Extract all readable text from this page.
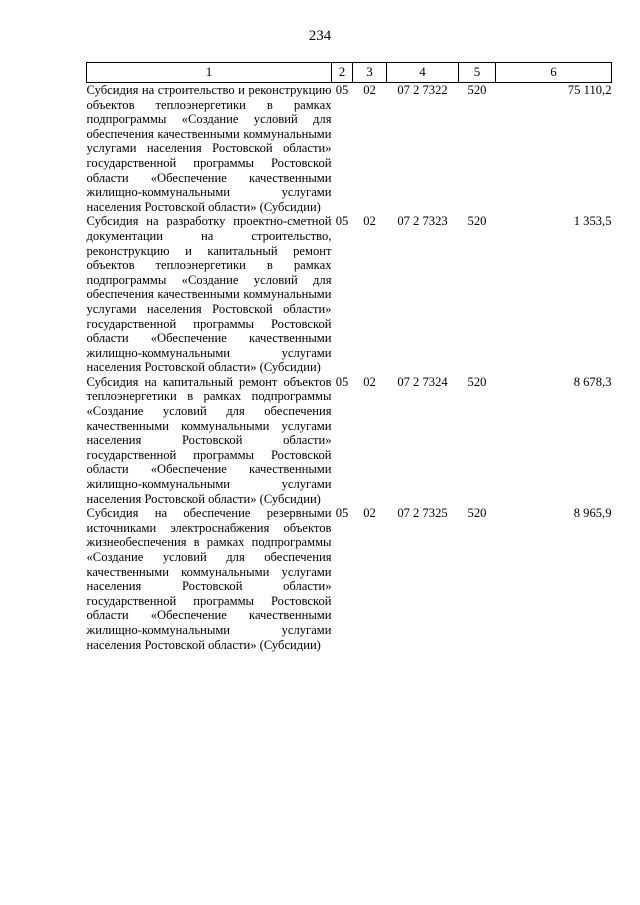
234
1	2	3	4	5	6
Субсидия на строительство и реконструкцию объектов теплоэнергетики в рамках подпрограммы «Создание условий для обеспечения качественными коммунальными услугами населения Ростовской области» государственной программы Ростовской области «Обеспечение качественными жилищно-коммунальными услугами населения Ростовской области» (Субсидии)	05	02	07 2 7322	520	75 110,2
Субсидия на разработку проектно-сметной документации на строительство, реконструкцию и капитальный ремонт объектов теплоэнергетики в рамках подпрограммы «Создание условий для обеспечения качественными коммунальными услугами населения Ростовской области» государственной программы Ростовской области «Обеспечение качественными жилищно-коммунальными услугами населения Ростовской области» (Субсидии)	05	02	07 2 7323	520	1 353,5
Субсидия на капитальный ремонт объектов теплоэнергетики в рамках подпрограммы «Создание условий для обеспечения качественными коммунальными услугами населения Ростовской области» государственной программы Ростовской области «Обеспечение качественными жилищно-коммунальными услугами населения Ростовской области» (Субсидии)	05	02	07 2 7324	520	8 678,3
Субсидия на обеспечение резервными источниками электроснабжения объектов жизнеобеспечения в рамках подпрограммы «Создание условий для обеспечения качественными коммунальными услугами населения Ростовской области» государственной программы Ростовской области «Обеспечение качественными жилищно-коммунальными услугами населения Ростовской области» (Субсидии)	05	02	07 2 7325	520	8 965,9
